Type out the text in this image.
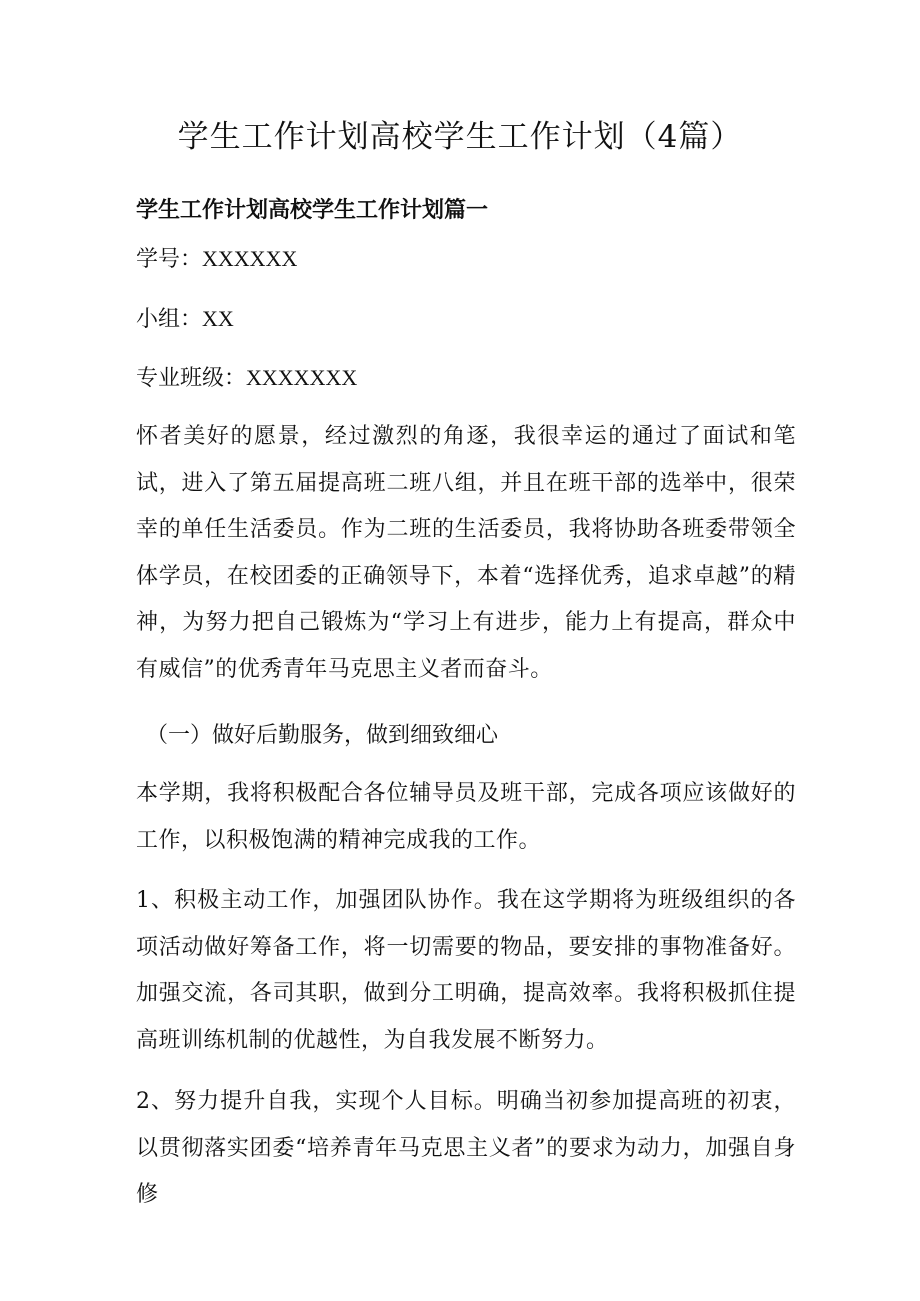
学生工作计划高校学生工作计划（4篇）
学生工作计划高校学生工作计划篇一

学号：XXXXXX

小组：XX

专业班级：XXXXXXX

怀者美好的愿景，经过激烈的角逐，我很幸运的通过了面试和笔试，进入了第五届提高班二班八组，并且在班干部的选举中，很荣幸的单任生活委员。作为二班的生活委员，我将协助各班委带领全体学员，在校团委的正确领导下，本着“选择优秀，追求卓越”的精神，为努力把自己锻炼为“学习上有进步，能力上有提高，群众中有威信”的优秀青年马克思主义者而奋斗。

（一）做好后勤服务，做到细致细心

本学期，我将积极配合各位辅导员及班干部，完成各项应该做好的工作，以积极饱满的精神完成我的工作。

1、积极主动工作，加强团队协作。我在这学期将为班级组织的各项活动做好筹备工作，将一切需要的物品，要安排的事物准备好。加强交流，各司其职，做到分工明确，提高效率。我将积极抓住提高班训练机制的优越性，为自我发展不断努力。

2、努力提升自我，实现个人目标。明确当初参加提高班的初衷，以贯彻落实团委“培养青年马克思主义者”的要求为动力，加强自身修
